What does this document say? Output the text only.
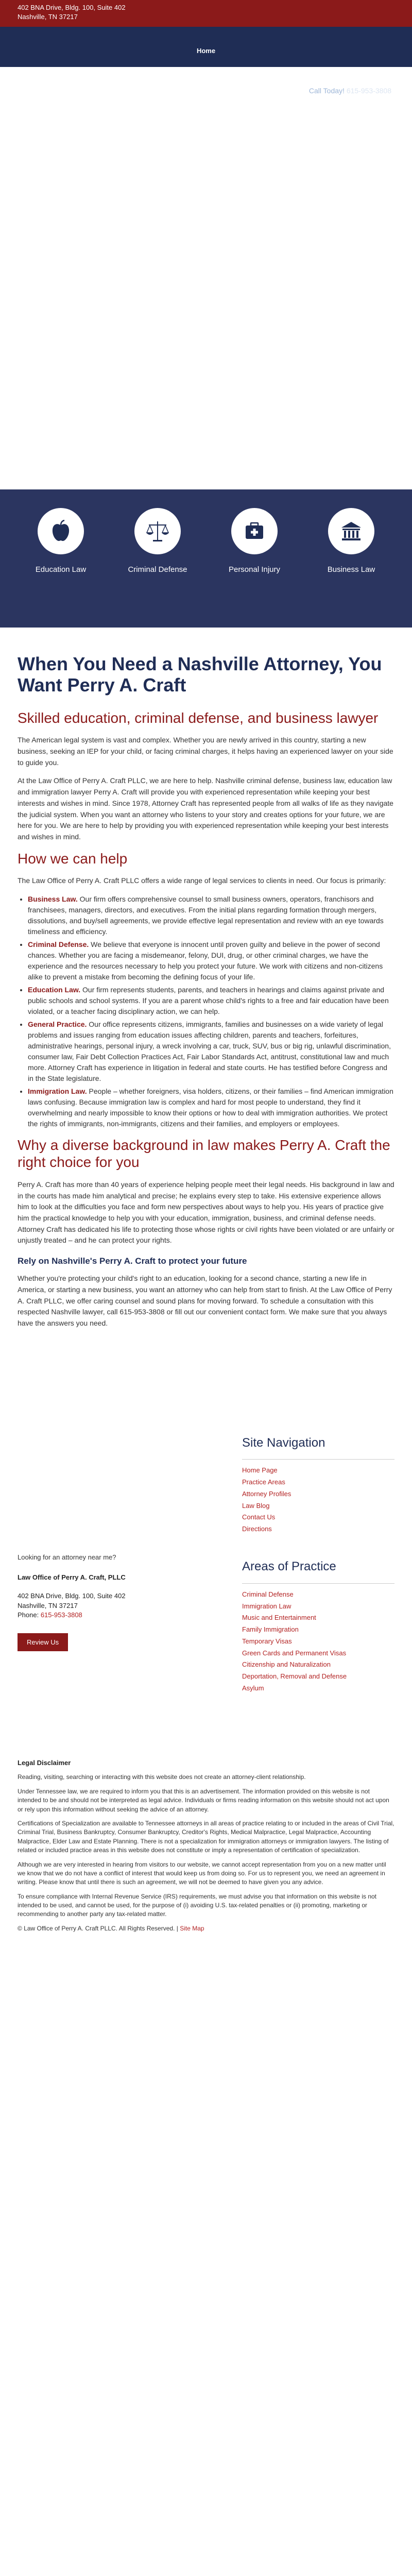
402 BNA Drive, Bldg. 100, Suite 402
Nashville, TN 37217
Home
Call Today! 615-953-3808
Education Law	Criminal Defense	Personal Injury	Business Law
When You Need a Nashville Attorney, You Want Perry A. Craft
Skilled education, criminal defense, and business lawyer

The American legal system is vast and complex. Whether you are newly arrived in this country, starting a new business, seeking an IEP for your child, or facing criminal charges, it helps having an experienced lawyer on your side to guide you.

At the Law Office of Perry A. Craft PLLC, we are here to help. Nashville criminal defense, business law, education law and immigration lawyer Perry A. Craft will provide you with experienced representation while keeping your best interests and wishes in mind. Since 1978, Attorney Craft has represented people from all walks of life as they navigate the judicial system. When you want an attorney who listens to your story and creates options for your future, we are here for you. We are here to help by providing you with experienced representation while keeping your best interests and wishes in mind.

How we can help

The Law Office of Perry A. Craft PLLC offers a wide range of legal services to clients in need. Our focus is primarily:

• Business Law. Our firm offers comprehensive counsel to small business owners, operators, franchisors and franchisees, managers, directors, and executives. From the initial plans regarding formation through mergers, dissolutions, and buy/sell agreements, we provide effective legal representation and review with an eye towards timeliness and efficiency.
• Criminal Defense. We believe that everyone is innocent until proven guilty and believe in the power of second chances. Whether you are facing a misdemeanor, felony, DUI, drug, or other criminal charges, we have the experience and the resources necessary to help you protect your future. We work with citizens and non-citizens alike to prevent a mistake from becoming the defining focus of your life.
• Education Law. Our firm represents students, parents, and teachers in hearings and claims against private and public schools and school systems. If you are a parent whose child's rights to a free and fair education have been violated, or a teacher facing disciplinary action, we can help.
• General Practice. Our office represents citizens, immigrants, families and businesses on a wide variety of legal problems and issues ranging from education issues affecting children, parents and teachers, forfeitures, administrative hearings, personal injury, a wreck involving a car, truck, SUV, bus or big rig, unlawful discrimination, consumer law, Fair Debt Collection Practices Act, Fair Labor Standards Act, antitrust, constitutional law and much more. Attorney Craft has experience in litigation in federal and state courts. He has testified before Congress and in the State legislature.
• Immigration Law. People – whether foreigners, visa holders, citizens, or their families – find American immigration laws confusing. Because immigration law is complex and hard for most people to understand, they find it overwhelming and nearly impossible to know their options or how to deal with immigration authorities. We protect the rights of immigrants, non-immigrants, citizens and their families, and employers or employees.
Why a diverse background in law makes Perry A. Craft the right choice for you

Perry A. Craft has more than 40 years of experience helping people meet their legal needs. His background in law and in the courts has made him analytical and precise; he explains every step to take. His extensive experience allows him to look at the difficulties you face and form new perspectives about ways to help you. His years of practice give him the practical knowledge to help you with your education, immigration, business, and criminal defense needs. Attorney Craft has dedicated his life to protecting those whose rights or civil rights have been violated or are unfairly or unjustly treated – and he can protect your rights.

Rely on Nashville's Perry A. Craft to protect your future

Whether you're protecting your child's right to an education, looking for a second chance, starting a new life in America, or starting a new business, you want an attorney who can help from start to finish. At the Law Office of Perry A. Craft PLLC, we offer caring counsel and sound plans for moving forward. To schedule a consultation with this respected Nashville lawyer, call 615-953-3808 or fill out our convenient contact form. We make sure that you always have the answers you need.

Looking for an attorney near me?
Law Office of Perry A. Craft, PLLC
402 BNA Drive, Bldg. 100, Suite 402
Nashville, TN 37217
Phone: 615-953-3808
Review Us
Site Navigation
Home Page
Practice Areas
Attorney Profiles
Law Blog
Contact Us
Directions
Areas of Practice
Criminal Defense
Immigration Law
Music and Entertainment
Family Immigration
Temporary Visas
Green Cards and Permanent Visas
Citizenship and Naturalization
Deportation, Removal and Defense
Asylum
Legal Disclaimer

Reading, visiting, searching or interacting with this website does not create an attorney-client relationship.

Under Tennessee law, we are required to inform you that this is an advertisement. The information provided on this website is not intended to be and should not be interpreted as legal advice. Individuals or firms reading information on this website should not act upon or rely upon this information without seeking the advice of an attorney.

Certifications of Specialization are available to Tennessee attorneys in all areas of practice relating to or included in the areas of Civil Trial, Criminal Trial, Business Bankruptcy, Consumer Bankruptcy, Creditor's Rights, Medical Malpractice, Legal Malpractice, Accounting Malpractice, Elder Law and Estate Planning. There is not a specialization for immigration attorneys or immigration lawyers. The listing of related or included practice areas in this website does not constitute or imply a representation of certification of specialization.

Although we are very interested in hearing from visitors to our website, we cannot accept representation from you on a new matter until we know that we do not have a conflict of interest that would keep us from doing so. For us to represent you, we need an agreement in writing. Please know that until there is such an agreement, we will not be deemed to have given you any advice.

To ensure compliance with Internal Revenue Service (IRS) requirements, we must advise you that information on this website is not intended to be used, and cannot be used, for the purpose of (i) avoiding U.S. tax-related penalties or (ii) promoting, marketing or recommending to another party any tax-related matter.

© Law Office of Perry A. Craft PLLC. All Rights Reserved. | Site Map
